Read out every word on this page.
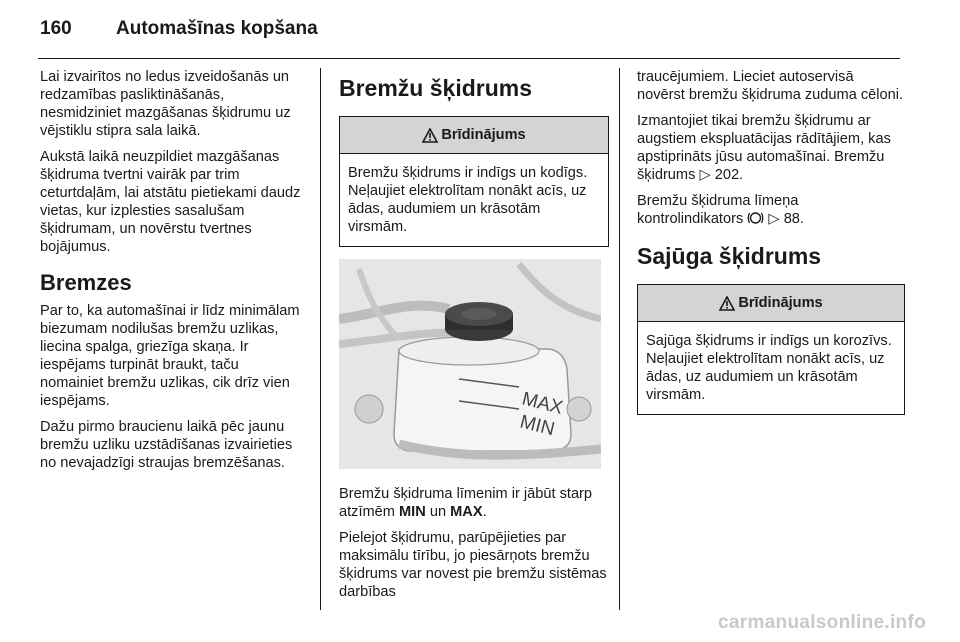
160	Automašīnas kopšana

Lai izvairītos no ledus izveidošanās un redzamības pasliktināšanās, nesmidziniet mazgāšanas šķidrumu uz vējstiklu stipra sala laikā.

Aukstā laikā neuzpildiet mazgāšanas šķidruma tvertni vairāk par trim ceturtdaļām, lai atstātu pietiekami daudz vietas, kur izplesties sasalušam šķidrumam, un novērstu tvertnes bojājumus.

Bremzes

Par to, ka automašīnai ir līdz minimālam biezumam nodilušas bremžu uzlikas, liecina spalga, griezīga skaņa. Ir iespējams turpināt braukt, taču nomainiet bremžu uzlikas, cik drīz vien iespējams.

Dažu pirmo braucienu laikā pēc jaunu bremžu uzliku uzstādīšanas izvairieties no nevajadzīgi straujas bremzēšanas.

Bremžu šķidrums
Brīdinājums
Bremžu šķidrums ir indīgs un kodīgs. Neļaujiet elektrolītam nonākt acīs, uz ādas, audumiem un krāsotām virsmām.
MAX
MIN

Bremžu šķidruma līmenim ir jābūt starp atzīmēm MIN un MAX.

Pielejot šķidrumu, parūpējieties par maksimālu tīrību, jo piesārņots bremžu šķidrums var novest pie bremžu sistēmas darbības

traucējumiem. Lieciet autoservisā novērst bremžu šķidruma zuduma cēloni.

Izmantojiet tikai bremžu šķidrumu ar augstiem ekspluatācijas rādītājiem, kas apstiprināts jūsu automašīnai. Bremžu šķidrums ▷ 202.

Bremžu šķidruma līmeņa kontrolindikators  ▷ 88.

Sajūga šķidrums
Brīdinājums
Sajūga šķidrums ir indīgs un korozīvs. Neļaujiet elektrolītam nonākt acīs, uz ādas, uz audumiem un krāsotām virsmām.
carmanualsonline.info
